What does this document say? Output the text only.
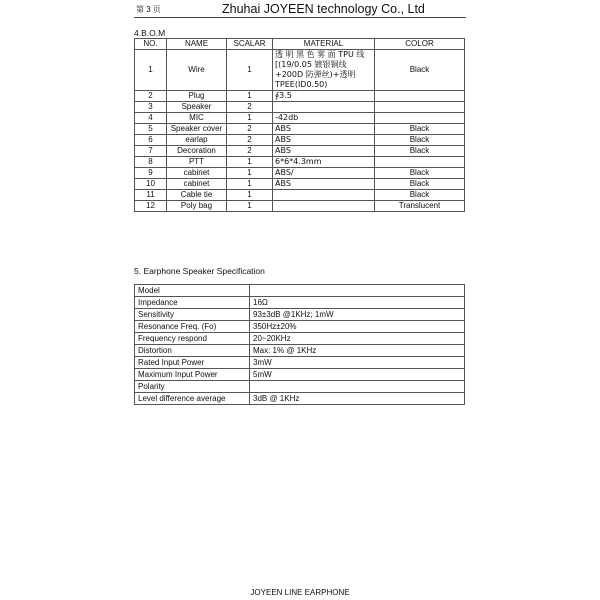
第 3 页	Zhuhai JOYEEN technology Co., Ltd
4.B.O.M
NO.	NAME	SCALAR	MATERIAL	COLOR
1	Wire	1	透 明 黑 色 雾 面 TPU 线 [(19/0.05 镀银铜线+200D 防弹丝)+透明 TPEE(ID0.50)	Black
2	Plug	1	∮3.5	
3	Speaker	2		
4	MIC	1	-42db	
5	Speaker cover	2	ABS	Black
6	earlap	2	ABS	Black
7	Decoration	2	ABS	Black
8	PTT	1	6*6*4.3mm	
9	cabinet	1	ABS/	Black
10	cabinet	1	ABS	Black
11	Cable tie	1		Black
12	Poly bag	1		Translucent
5. Earphone Speaker Specification
Model	
Impedance	16Ω
Sensitivity	93±3dB @1KHz; 1mW
Resonance Freq. (Fo)	350Hz±20%
Frequency respond	20~20KHz
Distortion	Max: 1% @ 1KHz
Rated Input Power	3mW
Maximum Input Power	5mW
Polarity	
Level difference average	3dB @ 1KHz
JOYEEN LINE EARPHONE
